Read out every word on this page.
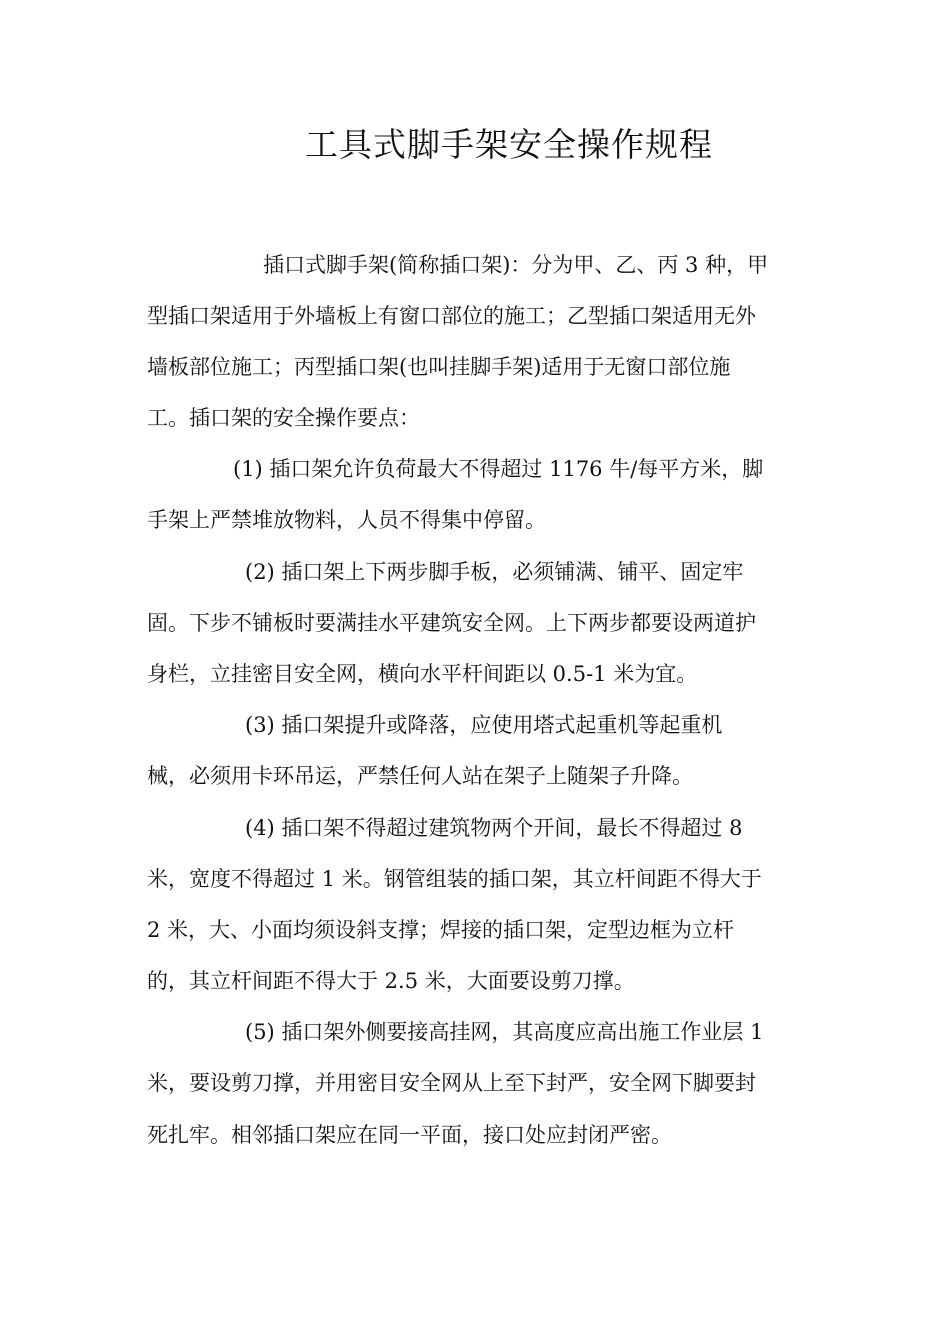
工具式脚手架安全操作规程
插口式脚手架(简称插口架)：分为甲、乙、丙 3 种，甲
型插口架适用于外墙板上有窗口部位的施工；乙型插口架适用无外
墙板部位施工；丙型插口架(也叫挂脚手架)适用于无窗口部位施
工。插口架的安全操作要点：
(1) 插口架允许负荷最大不得超过 1176 牛/每平方米，脚
手架上严禁堆放物料，人员不得集中停留。
(2) 插口架上下两步脚手板，必须铺满、铺平、固定牢
固。下步不铺板时要满挂水平建筑安全网。上下两步都要设两道护
身栏，立挂密目安全网，横向水平杆间距以 0.5-1 米为宜。
(3) 插口架提升或降落，应使用塔式起重机等起重机
械，必须用卡环吊运，严禁任何人站在架子上随架子升降。
(4) 插口架不得超过建筑物两个开间，最长不得超过 8
米，宽度不得超过 1 米。钢管组装的插口架，其立杆间距不得大于
2 米，大、小面均须设斜支撑；焊接的插口架，定型边框为立杆
的，其立杆间距不得大于 2.5 米，大面要设剪刀撑。
(5) 插口架外侧要接高挂网，其高度应高出施工作业层 1
米，要设剪刀撑，并用密目安全网从上至下封严，安全网下脚要封
死扎牢。相邻插口架应在同一平面，接口处应封闭严密。
